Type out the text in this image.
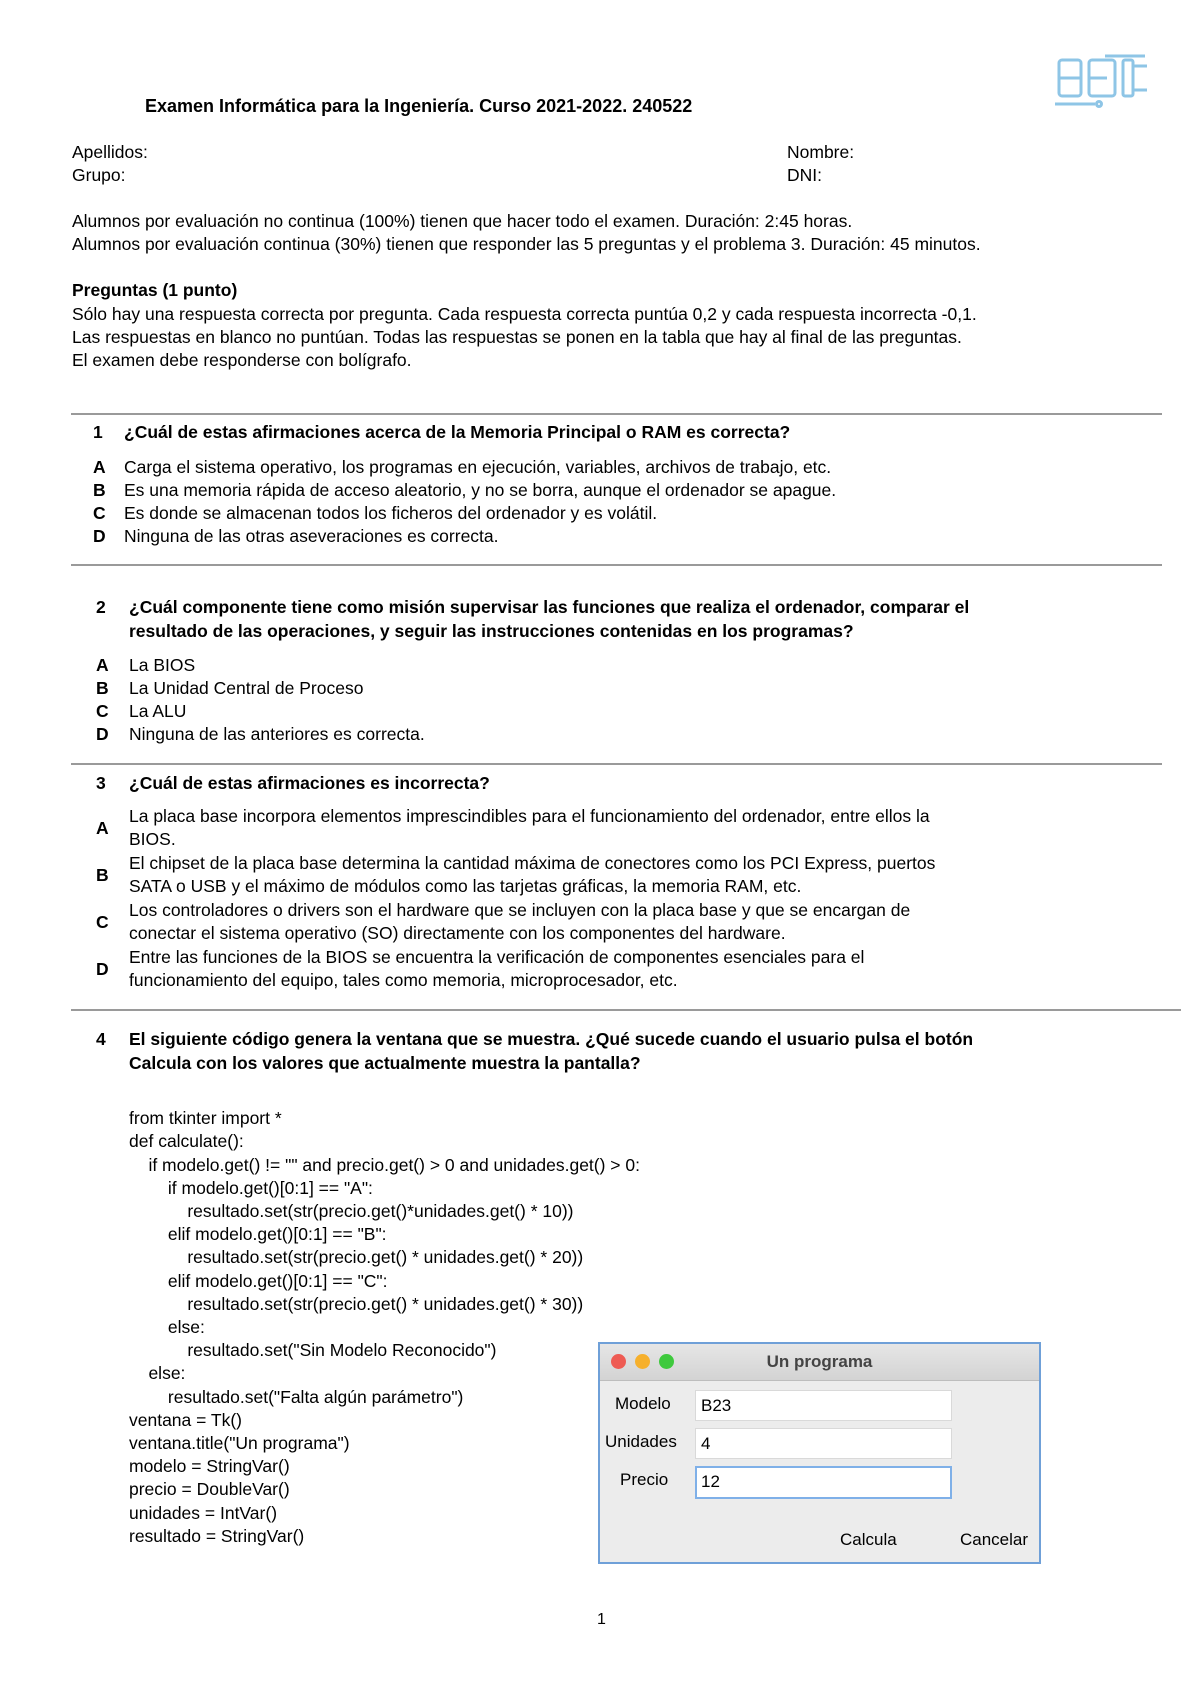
eei
Examen Informática para la Ingeniería. Curso 2021-2022. 240522
Apellidos:	Nombre:
Grupo:	DNI:
Alumnos por evaluación no continua (100%) tienen que hacer todo el examen. Duración: 2:45 horas.
Alumnos por evaluación continua (30%) tienen que responder las 5 preguntas y el problema 3. Duración: 45 minutos.
Preguntas (1 punto)
Sólo hay una respuesta correcta por pregunta. Cada respuesta correcta puntúa 0,2 y cada respuesta incorrecta -0,1.
Las respuestas en blanco no puntúan. Todas las respuestas se ponen en la tabla que hay al final de las preguntas.
El examen debe responderse con bolígrafo.
1 ¿Cuál de estas afirmaciones acerca de la Memoria Principal o RAM es correcta?
A Carga el sistema operativo, los programas en ejecución, variables, archivos de trabajo, etc.
B Es una memoria rápida de acceso aleatorio, y no se borra, aunque el ordenador se apague.
C Es donde se almacenan todos los ficheros del ordenador y es volátil.
D Ninguna de las otras aseveraciones es correcta.
2 ¿Cuál componente tiene como misión supervisar las funciones que realiza el ordenador, comparar el
resultado de las operaciones, y seguir las instrucciones contenidas en los programas?
A La BIOS
B La Unidad Central de Proceso
C La ALU
D Ninguna de las anteriores es correcta.
3 ¿Cuál de estas afirmaciones es incorrecta?
A
La placa base incorpora elementos imprescindibles para el funcionamiento del ordenador, entre ellos la
BIOS.
B
El chipset de la placa base determina la cantidad máxima de conectores como los PCI Express, puertos
SATA o USB y el máximo de módulos como las tarjetas gráficas, la memoria RAM, etc.
C
Los controladores o drivers son el hardware que se incluyen con la placa base y que se encargan de
conectar el sistema operativo (SO) directamente con los componentes del hardware.
D
Entre las funciones de la BIOS se encuentra la verificación de componentes esenciales para el
funcionamiento del equipo, tales como memoria, microprocesador, etc.
4 El siguiente código genera la ventana que se muestra. ¿Qué sucede cuando el usuario pulsa el botón
Calcula con los valores que actualmente muestra la pantalla?

from tkinter import *
def calculate():
if modelo.get() != "" and precio.get() > 0 and unidades.get() > 0:
if modelo.get()[0:1] == "A":
resultado.set(str(precio.get()*unidades.get() * 10))
elif modelo.get()[0:1] == "B":
resultado.set(str(precio.get() * unidades.get() * 20))
elif modelo.get()[0:1] == "C":
resultado.set(str(precio.get() * unidades.get() * 30))
else:
resultado.set("Sin Modelo Reconocido")
else:
resultado.set("Falta algún parámetro")
ventana = Tk()
ventana.title("Un programa")
modelo = StringVar()
precio = DoubleVar()
unidades = IntVar()
resultado = StringVar()

Un programa
Modelo	B23
Unidades	4
Precio	12
Calcula	Cancelar
1
